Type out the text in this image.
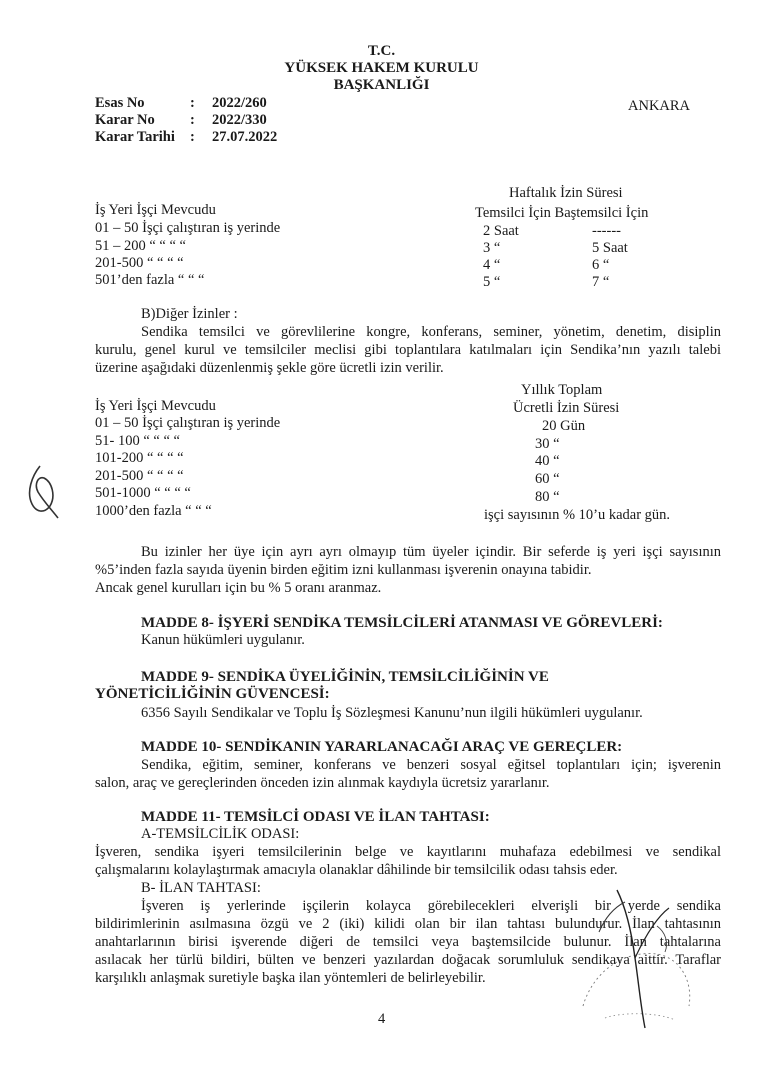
T.C.
YÜKSEK HAKEM KURULU
BAŞKANLIĞI
ANKARA
Esas No	: 2022/260
Karar No : 2022/330
Karar Tarihi : 27.07.2022
Haftalık İzin Süresi
Temsilci İçin Baştemsilci İçin
İş Yeri İşçi Mevcudu
01 – 50 İşçi çalıştıran iş yerinde
51 – 200 “ “ “ “
201-500 “ “ “ “
501’den fazla “ “ “
2 Saat
3 “
4 “
5 “
------
5 Saat
6 “
7 “
B)Diğer İzinler :
Sendika temsilci ve görevlilerine kongre, konferans, seminer, yönetim, denetim, disiplin
kurulu, genel kurul ve temsilciler meclisi gibi toplantılara katılmaları için Sendika’nın yazılı talebi
üzerine aşağıdaki düzenlenmiş şekle göre ücretli izin verilir.
Yıllık Toplam
Ücretli İzin Süresi
İş Yeri İşçi Mevcudu
01 – 50 İşçi çalıştıran iş yerinde
51- 100 “ “ “ “
101-200 “ “ “ “
201-500 “ “ “ “
501-1000 “ “ “ “
1000’den fazla “ “ “
20 Gün
30 “
40 “
60 “
80 “
işçi sayısının % 10’u kadar gün.
Bu izinler her üye için ayrı ayrı olmayıp tüm üyeler içindir. Bir seferde iş yeri işçi sayısının
%5’inden fazla sayıda üyenin birden eğitim izni kullanması işverenin onayına tabidir.
Ancak genel kurulları için bu % 5 oranı aranmaz.
MADDE 8- İŞYERİ SENDİKA TEMSİLCİLERİ ATANMASI VE GÖREVLERİ:
Kanun hükümleri uygulanır.
MADDE 9- SENDİKA ÜYELİĞİNİN, TEMSİLCİLİĞİNİN VE
YÖNETİCİLİĞİNİN GÜVENCESİ:
6356 Sayılı Sendikalar ve Toplu İş Sözleşmesi Kanunu’nun ilgili hükümleri uygulanır.
MADDE 10- SENDİKANIN YARARLANACAĞI ARAÇ VE GEREÇLER:
Sendika, eğitim, seminer, konferans ve benzeri sosyal eğitsel toplantıları için; işverenin
salon, araç ve gereçlerinden önceden izin alınmak kaydıyla ücretsiz yararlanır.
MADDE 11- TEMSİLCİ ODASI VE İLAN TAHTASI:
A-TEMSİLCİLİK ODASI:
İşveren, sendika işyeri temsilcilerinin belge ve kayıtlarını muhafaza edebilmesi ve sendikal
çalışmalarını kolaylaştırmak amacıyla olanaklar dâhilinde bir temsilcilik odası tahsis eder.
B- İLAN TAHTASI:
İşveren iş yerlerinde işçilerin kolayca görebilecekleri elverişli bir yerde sendika
bildirimlerinin asılmasına özgü ve 2 (iki) kilidi olan bir ilan tahtası bulundurur. İlan tahtasının
anahtarlarının birisi işverende diğeri de temsilci veya baştemsilcide bulunur. İlan tahtalarına
asılacak her türlü bildiri, bülten ve benzeri yazılardan doğacak sorumluluk sendikaya aittir. Taraflar
karşılıklı anlaşmak suretiyle başka ilan yöntemleri de belirleyebilir.
4
